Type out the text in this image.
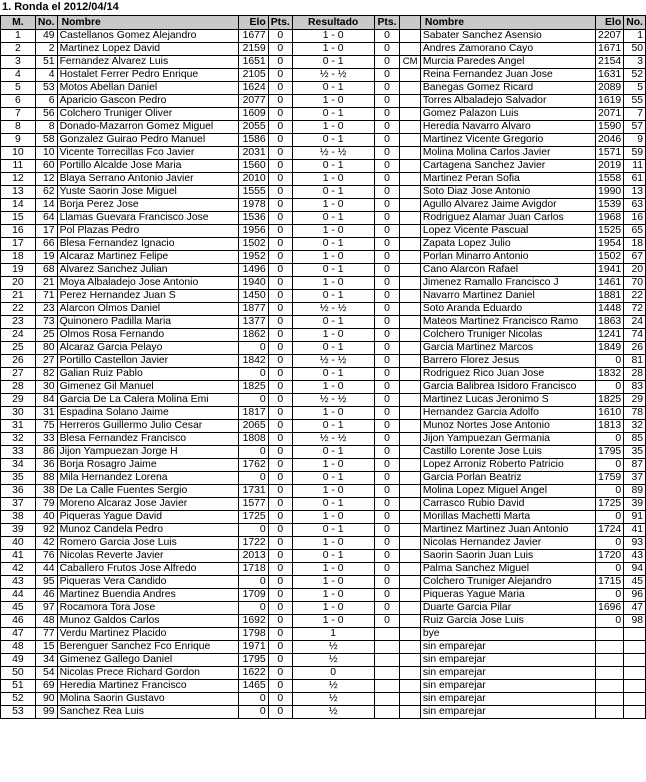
1. Ronda el 2012/04/14
M.	No.	Nombre	Elo	Pts.	Resultado	Pts.		Nombre	Elo	No.
1	49	Castellanos Gomez Alejandro	1677	0	1 - 0	0		Sabater Sanchez Asensio	2207	1
2	2	Martinez Lopez David	2159	0	1 - 0	0		Andres Zamorano Cayo	1671	50
3	51	Fernandez Alvarez Luis	1651	0	0 - 1	0	CM	Murcia Paredes Angel	2154	3
4	4	Hostalet Ferrer Pedro Enrique	2105	0	½ - ½	0		Reina Fernandez Juan Jose	1631	52
5	53	Motos Abellan Daniel	1624	0	0 - 1	0		Banegas Gomez Ricard	2089	5
6	6	Aparicio Gascon Pedro	2077	0	1 - 0	0		Torres Albaladejo Salvador	1619	55
7	56	Colchero Truniger Oliver	1609	0	0 - 1	0		Gomez Palazon Luis	2071	7
8	8	Donado-Mazarron Gomez Miguel	2055	0	1 - 0	0		Heredia Navarro Alvaro	1590	57
9	58	Gonzalez Guirao Pedro Manuel	1586	0	0 - 1	0		Martinez Vicente Gregorio	2046	9
10	10	Vicente Torrecillas Fco Javier	2031	0	½ - ½	0		Molina Molina Carlos Javier	1571	59
11	60	Portillo Alcalde Jose Maria	1560	0	0 - 1	0		Cartagena Sanchez Javier	2019	11
12	12	Blaya Serrano Antonio Javier	2010	0	1 - 0	0		Martinez Peran Sofia	1558	61
13	62	Yuste Saorin Jose Miguel	1555	0	0 - 1	0		Soto Diaz Jose Antonio	1990	13
14	14	Borja Perez Jose	1978	0	1 - 0	0		Agullo Alvarez Jaime Avigdor	1539	63
15	64	Llamas Guevara Francisco Jose	1536	0	0 - 1	0		Rodriguez Alamar Juan Carlos	1968	16
16	17	Pol Plazas Pedro	1956	0	1 - 0	0		Lopez Vicente Pascual	1525	65
17	66	Blesa Fernandez Ignacio	1502	0	0 - 1	0		Zapata Lopez Julio	1954	18
18	19	Alcaraz Martinez Felipe	1952	0	1 - 0	0		Porlan Minarro Antonio	1502	67
19	68	Alvarez Sanchez Julian	1496	0	0 - 1	0		Cano Alarcon Rafael	1941	20
20	21	Moya Albaladejo Jose Antonio	1940	0	1 - 0	0		Jimenez Ramallo Francisco J	1461	70
21	71	Perez Hernandez Juan S	1450	0	0 - 1	0		Navarro Martinez Daniel	1881	22
22	23	Alarcon Olmos Daniel	1877	0	½ - ½	0		Soto Aranda Eduardo	1448	72
23	73	Quinonero Padilla Maria	1377	0	0 - 1	0		Mateos Martinez Francisco Ramo	1863	24
24	25	Olmos Rosa Fernando	1862	0	1 - 0	0		Colchero Truniger Nicolas	1241	74
25	80	Alcaraz Garcia Pelayo	0	0	0 - 1	0		Garcia Martinez Marcos	1849	26
26	27	Portillo Castellon Javier	1842	0	½ - ½	0		Barrero Florez Jesus	0	81
27	82	Galian Ruiz Pablo	0	0	0 - 1	0		Rodriguez Rico Juan Jose	1832	28
28	30	Gimenez Gil Manuel	1825	0	1 - 0	0		Garcia Balibrea Isidoro Francisco	0	83
29	84	Garcia De La Calera Molina Emi	0	0	½ - ½	0		Martinez Lucas Jeronimo S	1825	29
30	31	Espadina Solano Jaime	1817	0	1 - 0	0		Hernandez Garcia Adolfo	1610	78
31	75	Herreros Guillermo Julio Cesar	2065	0	0 - 1	0		Munoz Nortes Jose Antonio	1813	32
32	33	Blesa Fernandez Francisco	1808	0	½ - ½	0		Jijon Yampuezan Germania	0	85
33	86	Jijon Yampuezan Jorge H	0	0	0 - 1	0		Castillo Lorente Jose Luis	1795	35
34	36	Borja Rosagro Jaime	1762	0	1 - 0	0		Lopez Arroniz Roberto Patricio	0	87
35	88	Mila Hernandez Lorena	0	0	0 - 1	0		Garcia Porlan Beatriz	1759	37
36	38	De La Calle Fuentes Sergio	1731	0	1 - 0	0		Molina Lopez Miguel Angel	0	89
37	79	Moreno Alcaraz Jose Javier	1577	0	0 - 1	0		Carrasco Rubio David	1725	39
38	40	Piqueras Yague David	1725	0	1 - 0	0		Morillas Machetti Marta	0	91
39	92	Munoz Candela Pedro	0	0	0 - 1	0		Martinez Martinez Juan Antonio	1724	41
40	42	Romero Garcia Jose Luis	1722	0	1 - 0	0		Nicolas Hernandez Javier	0	93
41	76	Nicolas Reverte Javier	2013	0	0 - 1	0		Saorin Saorin Juan Luis	1720	43
42	44	Caballero Frutos Jose Alfredo	1718	0	1 - 0	0		Palma Sanchez Miguel	0	94
43	95	Piqueras Vera Candido	0	0	1 - 0	0		Colchero Truniger Alejandro	1715	45
44	46	Martinez Buendia Andres	1709	0	1 - 0	0		Piqueras Yague Maria	0	96
45	97	Rocamora Tora Jose	0	0	1 - 0	0		Duarte Garcia Pilar	1696	47
46	48	Munoz Galdos Carlos	1692	0	1 - 0	0		Ruiz Garcia Jose Luis	0	98
47	77	Verdu Martinez Placido	1798	0	1			bye		
48	15	Berenguer Sanchez Fco Enrique	1971	0	½			sin emparejar		
49	34	Gimenez Gallego Daniel	1795	0	½			sin emparejar		
50	54	Nicolas Prece Richard Gordon	1622	0	0			sin emparejar		
51	69	Heredia Martinez Francisco	1465	0	½			sin emparejar		
52	90	Molina Saorin Gustavo	0	0	½			sin emparejar		
53	99	Sanchez Rea Luis	0	0	½			sin emparejar		
